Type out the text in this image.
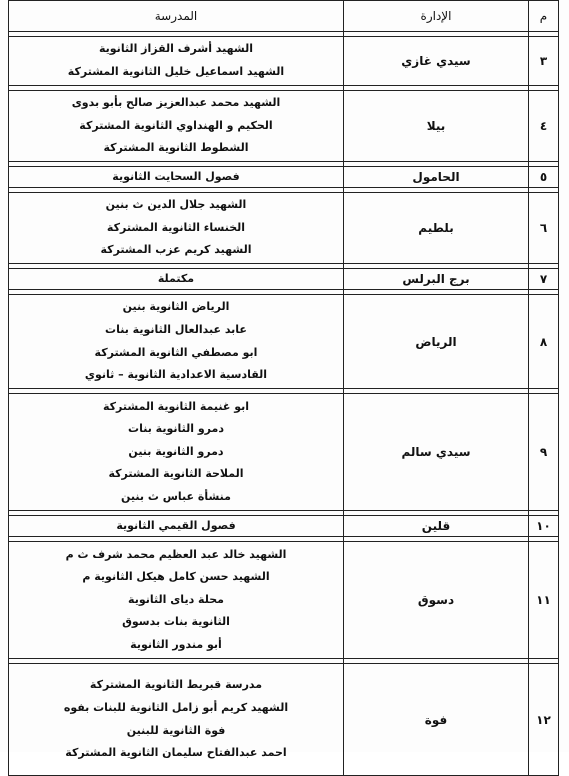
م	الإدارة	المدرسة

٣	سيدي غازي	الشهيد أشرف القزاز الثانوية
الشهيد اسماعيل خليل الثانوية المشتركة

٤	بيلا	الشهيد محمد عبدالعزيز صالح بأبو بدوى
الحكيم و الهنداوي الثانوية المشتركة
الشطوط الثانوية المشتركة

٥	الحامول	فصول السحايت الثانوية

٦	بلطيم	الشهيد جلال الدين ث بنين
الخنساء الثانوية المشتركة
الشهيد كريم عزب المشتركة

٧	برج البرلس	مكتملة

٨	الرياض	الرياض الثانوية بنين
عابد عبدالعال الثانوية بنات
ابو مصطفي الثانوية المشتركة
القادسية الاعدادية الثانوية – ثانوي

٩	سيدي سالم	ابو غنيمة الثانوية المشتركة
دمرو الثانوية بنات
دمرو الثانوية بنين
الملاحة الثانوية المشتركة
منشأة عباس ث بنين

١٠	قلين	فصول القيمي الثانوية

١١	دسوق	الشهيد خالد عبد العظيم محمد شرف ث م
الشهيد حسن كامل هيكل الثانوية م
محلة دياى الثانوية
الثانوية بنات بدسوق
أبو مندور الثانوية

١٢	فوة	مدرسة قبريط الثانوية المشتركة
الشهيد كريم أبو زامل الثانوية للبنات بفوه
فوة الثانوية للبنين
احمد عبدالفتاح سليمان الثانوية المشتركة
